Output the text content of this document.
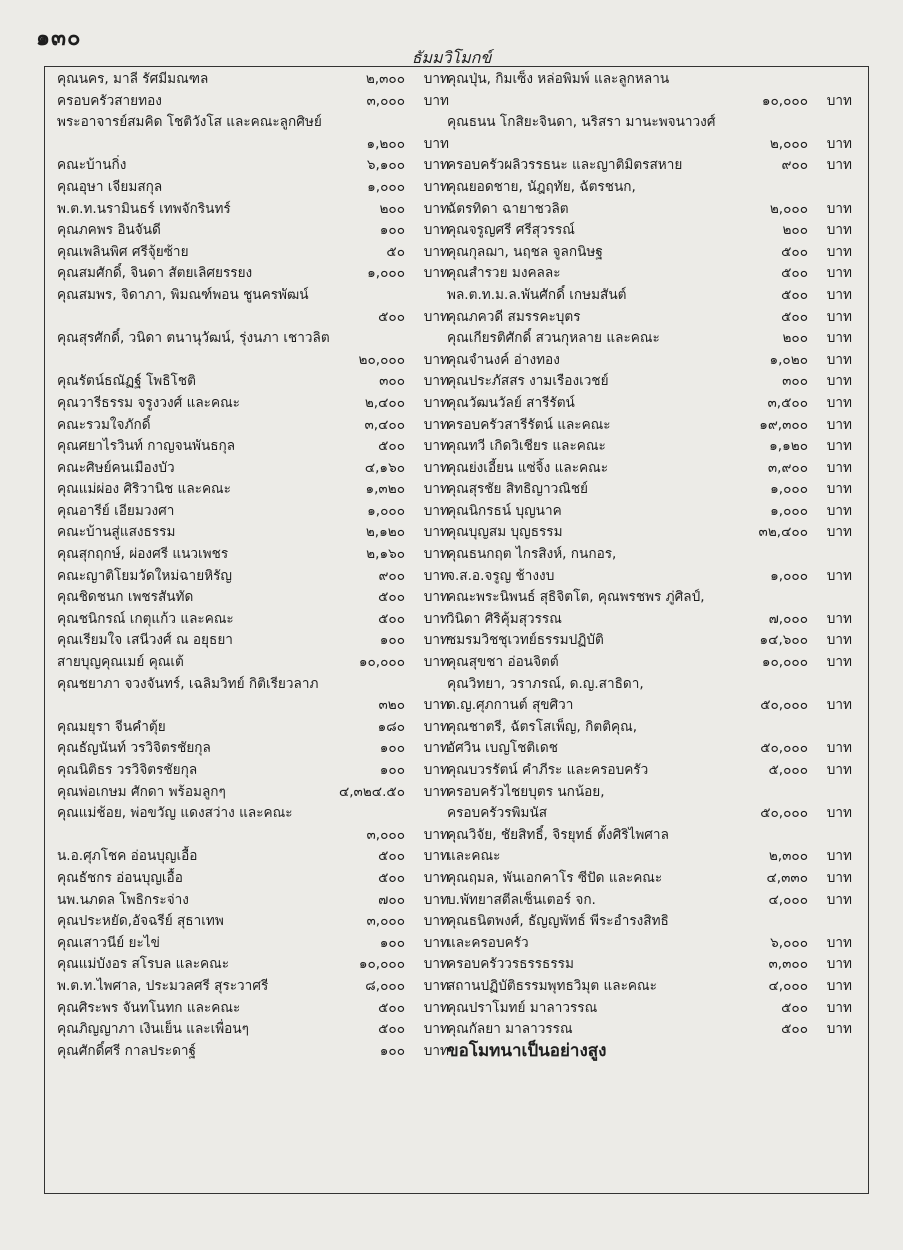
๑๓๐
ธัมมวิโมกข์
คุณนคร, มาลี รัศมีมณฑล	๒,๓๐๐	บาท
ครอบครัวสายทอง	๓,๐๐๐	บาท
พระอาจารย์สมคิด โชติวังโส และคณะลูกศิษย์
๑,๒๐๐	บาท
คณะบ้านกิ่ง	๖,๑๐๐	บาท
คุณอุษา เจียมสกุล	๑,๐๐๐	บาท
พ.ต.ท.นรามินธร์ เทพจักรินทร์	๒๐๐	บาท
คุณภคพร อินจันดี	๑๐๐	บาท
คุณเพลินพิศ ศรีจุ้ยซ้าย	๕๐	บาท
คุณสมศักดิ์, จินดา สัตยเลิศยรรยง	๑,๐๐๐	บาท
คุณสมพร, จิดาภา, พิมณฑ์พอน ชูนครพัฒน์
๕๐๐	บาท
คุณสุรศักดิ์, วนิดา ตนานุวัฒน์, รุ่งนภา เชาวลิต
๒๐,๐๐๐	บาท
คุณรัตน์ธณัฏฐ์ โพธิโชติ	๓๐๐	บาท
คุณวารีธรรม จรูงวงศ์ และคณะ	๒,๔๐๐	บาท
คณะรวมใจภักดิ์	๓,๔๐๐	บาท
คุณศยาไรวินท์ กาญจนพันธกุล	๕๐๐	บาท
คณะศิษย์คนเมืองบัว	๔,๑๖๐	บาท
คุณแม่ผ่อง ศิริวานิช และคณะ	๑,๓๒๐	บาท
คุณอารีย์ เอียมวงศา	๑,๐๐๐	บาท
คณะบ้านสู่แสงธรรม	๒,๑๒๐	บาท
คุณสุกฤกษ์, ผ่องศรี แนวเพชร	๒,๑๖๐	บาท
คณะญาติโยมวัดใหม่ฉายหิรัญ	๙๐๐	บาท
คุณชิดชนก เพชรสันทัด	๕๐๐	บาท
คุณชนิกรณ์ เกตุแก้ว และคณะ	๕๐๐	บาท
คุณเรียมใจ เสนีวงศ์ ณ อยุธยา	๑๐๐	บาท
สายบุญคุณเมย์ คุณเต้	๑๐,๐๐๐	บาท
คุณชยาภา จวงจันทร์, เฉลิมวิทย์ กิติเรียวลาภ
๓๒๐	บาท
คุณมยุรา จีนคำตุ้ย	๑๘๐	บาท
คุณธัญนันท์ วรวิจิตรชัยกุล	๑๐๐	บาท
คุณนิติธร วรวิจิตรชัยกุล	๑๐๐	บาท
คุณพ่อเกษม ศักดา พร้อมลูกๆ	๔,๓๒๔.๕๐	บาท
คุณแม่ช้อย, พ่อขวัญ แดงสว่าง และคณะ
๓,๐๐๐	บาท
น.อ.ศุภโชค อ่อนบุญเอื้อ	๕๐๐	บาท
คุณธัชกร อ่อนบุญเอื้อ	๕๐๐	บาท
นพ.นภดล โพธิกระจ่าง	๗๐๐	บาท
คุณประหยัด,อัจฉรีย์ สุธาเทพ	๓,๐๐๐	บาท
คุณเสาวนีย์ ยะไข่	๑๐๐	บาท
คุณแม่บังอร สโรบล และคณะ	๑๐,๐๐๐	บาท
พ.ต.ท.ไพศาล, ประมวลศรี สุระวาศรี	๘,๐๐๐	บาท
คุณศิระพร จันทโนทก และคณะ	๕๐๐	บาท
คุณภิญญาภา เงินเย็น และเพื่อนๆ	๕๐๐	บาท
คุณศักดิ์ศรี กาลประดาฐ์	๑๐๐	บาท
คุณปุ่น, กิมเซ็ง หล่อพิมพ์ และลูกหลาน
๑๐,๐๐๐	บาท
คุณธนน โกสิยะจินดา, นริสรา มานะพจนาวงศ์
๒,๐๐๐	บาท
ครอบครัวผลิวรรธนะ และญาติมิตรสหาย	๙๐๐	บาท
คุณยอดชาย, นัฎฤทัย, ฉัตรชนก,
ฉัตรทิดา ฉายาชวลิต	๒,๐๐๐	บาท
คุณจรูญศรี ศรีสุวรรณ์	๒๐๐	บาท
คุณกุลฌา, นฤชล จูลกนิษฐ	๕๐๐	บาท
คุณสำรวย มงคลละ	๕๐๐	บาท
พล.ต.ท.ม.ล.พันศักดิ์ เกษมสันต์	๕๐๐	บาท
คุณภควดี สมรรคะบุตร	๕๐๐	บาท
คุณเกียรติศักดิ์ สวนกุหลาย และคณะ	๒๐๐	บาท
คุณจำนงค์ อ่างทอง	๑,๐๒๐	บาท
คุณประภัสสร งามเรืองเวชย์	๓๐๐	บาท
คุณวัฒนวัลย์ สารีรัตน์	๓,๕๐๐	บาท
ครอบครัวสารีรัตน์ และคณะ	๑๙,๓๐๐	บาท
คุณทวี เกิดวิเชียร และคณะ	๑,๑๒๐	บาท
คุณย่งเอี้ยน แซ่จิ้ง และคณะ	๓,๙๐๐	บาท
คุณสุรชัย สิทธิญาวณิชย์	๑,๐๐๐	บาท
คุณนิกรธน์ บุญนาค	๑,๐๐๐	บาท
คุณบุญสม บุญธรรม	๓๒,๔๐๐	บาท
คุณธนกฤต ไกรสิงห์, กนกอร,
จ.ส.อ.จรูญ ช้างงบ	๑,๐๐๐	บาท
คณะพระนิพนธ์ สุธิจิตโต, คุณพรชพร ภู่ศิลป์,
วินิดา ศิริคุ้มสุวรรณ	๗,๐๐๐	บาท
ชมรมวิชชุเวทย์ธรรมปฏิบัติ	๑๔,๖๐๐	บาท
คุณสุขชา อ่อนจิตต์	๑๐,๐๐๐	บาท
คุณวิทยา, วราภรณ์, ด.ญ.สาธิดา,
ด.ญ.ศุภกานต์ สุขศิวา	๕๐,๐๐๐	บาท
คุณชาตรี, ฉัตรโสเพ็ญ, กิตติคุณ,
อัศวิน เบญโชติเดช	๕๐,๐๐๐	บาท
คุณบวรรัตน์ คำภีระ และครอบครัว	๕,๐๐๐	บาท
ครอบครัวไชยบุตร นกน้อย,
ครอบครัวรพิมนัส	๕๐,๐๐๐	บาท
คุณวิจัย, ชัยสิทธิ์, จิรยุทธ์ ตั้งศิริไพศาล
และคณะ	๒,๓๐๐	บาท
คุณฤมล, พันเอกคาโร ซีปัด และคณะ	๔,๓๓๐	บาท
บ.พัทยาสตีลเซ็นเตอร์ จก.	๔,๐๐๐	บาท
คุณธนิตพงศ์, ธัญญพัทธ์ พีระอำรงสิทธิ
และครอบครัว	๖,๐๐๐	บาท
ครอบครัววรธรรธรรม	๓,๓๐๐	บาท
สถานปฏิบัติธรรมพุทธวิมุต และคณะ	๔,๐๐๐	บาท
คุณปราโมทย์ มาลาวรรณ	๕๐๐	บาท
คุณกัลยา มาลาวรรณ	๕๐๐	บาท
ขอโมทนาเป็นอย่างสูง
